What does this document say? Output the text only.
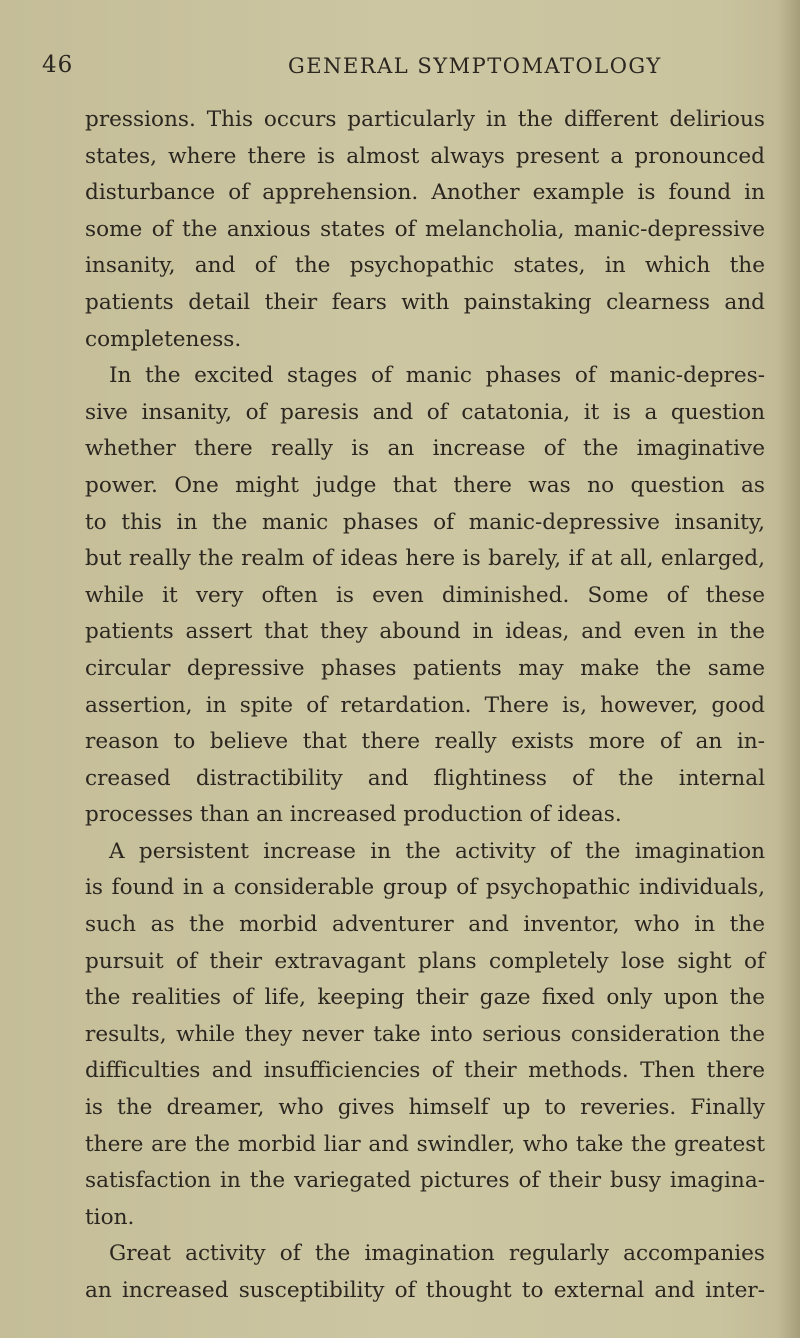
46	GENERAL SYMPTOMATOLOGY
pressions. This occurs particularly in the different delirious
states, where there is almost always present a pronounced
disturbance of apprehension. Another example is found in
some of the anxious states of melancholia, manic-depressive
insanity, and of the psychopathic states, in which the
patients detail their fears with painstaking clearness and
completeness.
In the excited stages of manic phases of manic-depres-
sive insanity, of paresis and of catatonia, it is a question
whether there really is an increase of the imaginative
power. One might judge that there was no question as
to this in the manic phases of manic-depressive insanity,
but really the realm of ideas here is barely, if at all, enlarged,
while it very often is even diminished. Some of these
patients assert that they abound in ideas, and even in the
circular depressive phases patients may make the same
assertion, in spite of retardation. There is, however, good
reason to believe that there really exists more of an in-
creased distractibility and flightiness of the internal
processes than an increased production of ideas.
A persistent increase in the activity of the imagination
is found in a considerable group of psychopathic individuals,
such as the morbid adventurer and inventor, who in the
pursuit of their extravagant plans completely lose sight of
the realities of life, keeping their gaze fixed only upon the
results, while they never take into serious consideration the
difficulties and insufficiencies of their methods. Then there
is the dreamer, who gives himself up to reveries. Finally
there are the morbid liar and swindler, who take the greatest
satisfaction in the variegated pictures of their busy imagina-
tion.
Great activity of the imagination regularly accompanies
an increased susceptibility of thought to external and inter-
